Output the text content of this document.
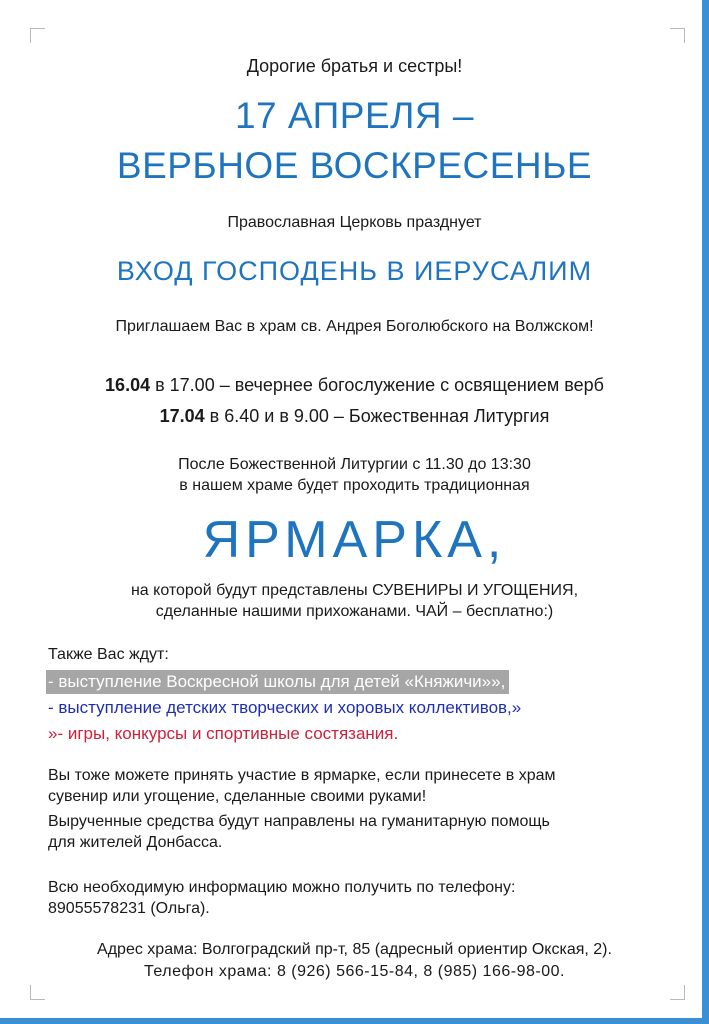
Дорогие братья и сестры!
17 АПРЕЛЯ –
ВЕРБНОЕ ВОСКРЕСЕНЬЕ
Православная Церковь празднует
ВХОД ГОСПОДЕНЬ В ИЕРУСАЛИМ
Приглашаем Вас в храм св. Андрея Боголюбского на Волжском!
16.04 в 17.00 – вечернее богослужение с освящением верб
17.04 в 6.40 и в 9.00 – Божественная Литургия
После Божественной Литургии с 11.30 до 13:30
в нашем храме будет проходить традиционная
ЯРМАРКА,
на которой будут представлены СУВЕНИРЫ И УГОЩЕНИЯ,
сделанные нашими прихожанами. ЧАЙ – бесплатно:)
Также Вас ждут:
- выступление Воскресной школы для детей «Княжичи»»,
- выступление детских творческих и хоровых коллективов,»
»- игры, конкурсы и спортивные состязания.
Вы тоже можете принять участие в ярмарке, если принесете в храм
сувенир или угощение, сделанные своими руками!
Вырученные средства будут направлены на гуманитарную помощь
для жителей Донбасса.
Всю необходимую информацию можно получить по телефону:
89055578231 (Ольга).
Адрес храма: Волгоградский пр-т, 85 (адресный ориентир Окская, 2).
Телефон храма: 8 (926) 566-15-84, 8 (985) 166-98-00.
